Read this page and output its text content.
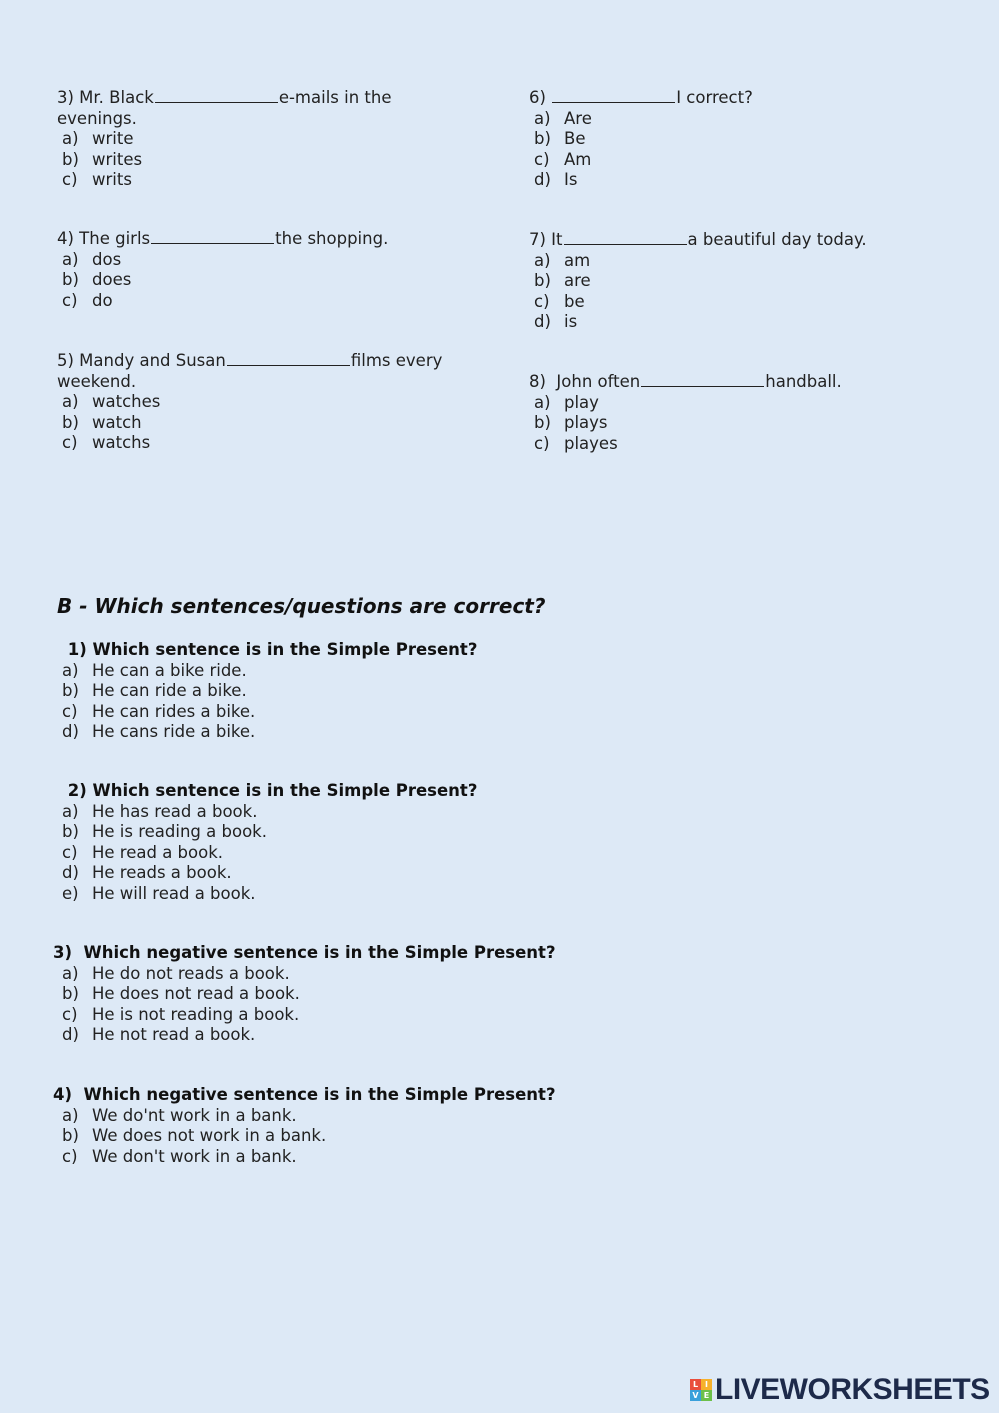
3) Mr. Black	e-mails in the
evenings.
a) write
b) writes
c) writs
4) The girls	the shopping.
a) dos
b) does
c) do
5) Mandy and Susan	films every
weekend.
a) watches
b) watch
c) watchs
6)	I correct?
a) Are
b) Be
c) Am
d) Is
7) It	a beautiful day today.
a) am
b) are
c) be
d) is
8)  John often	handball.
a) play
b) plays
c) playes
B - Which sentences/questions are correct?
1) Which sentence is in the Simple Present?
a) He can a bike ride.
b) He can ride a bike.
c) He can rides a bike.
d) He cans ride a bike.
2) Which sentence is in the Simple Present?
a) He has read a book.
b) He is reading a book.
c) He read a book.
d) He reads a book.
e) He will read a book.
3)  Which negative sentence is in the Simple Present?
a) He do not reads a book.
b) He does not read a book.
c) He is not reading a book.
d) He not read a book.
4)  Which negative sentence is in the Simple Present?
a) We do'nt work in a bank.
b) We does not work in a bank.
c) We don't work in a bank.
L I
V E LIVEWORKSHEETS
